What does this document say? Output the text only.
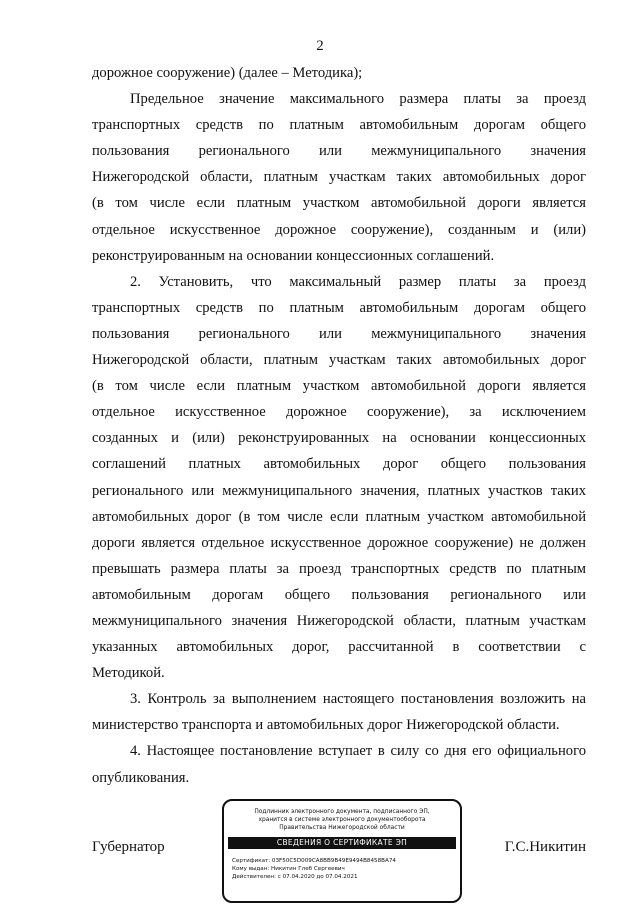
2
дорожное сооружение) (далее – Методика);
Предельное значение максимального размера платы за проезд
транспортных средств по платным автомобильным дорогам общего
пользования регионального или межмуниципального значения
Нижегородской области, платным участкам таких автомобильных дорог
(в том числе если платным участком автомобильной дороги является
отдельное искусственное дорожное сооружение), созданным и (или)
реконструированным на основании концессионных соглашений.
2. Установить, что максимальный размер платы за проезд
транспортных средств по платным автомобильным дорогам общего
пользования регионального или межмуниципального значения
Нижегородской области, платным участкам таких автомобильных дорог
(в том числе если платным участком автомобильной дороги является
отдельное искусственное дорожное сооружение), за исключением
созданных и (или) реконструированных на основании концессионных
соглашений платных автомобильных дорог общего пользования
регионального или межмуниципального значения, платных участков таких
автомобильных дорог (в том числе если платным участком автомобильной
дороги является отдельное искусственное дорожное сооружение) не должен
превышать размера платы за проезд транспортных средств по платным
автомобильным дорогам общего пользования регионального или
межмуниципального значения Нижегородской области, платным участкам
указанных автомобильных дорог, рассчитанной в соответствии с
Методикой.
3. Контроль за выполнением настоящего постановления возложить на
министерство транспорта и автомобильных дорог Нижегородской области.
4. Настоящее постановление вступает в силу со дня его официального
опубликования.
Губернатор	Г.С.Никитин
Подлинник электронного документа, подписанного ЭП,
хранится в системе электронного документооборота
Правительства Нижегородской области
СВЕДЕНИЯ О СЕРТИФИКАТЕ ЭП
Сертификат: 03F50C5D009CA8BB9B49E9494B8458BA74
Кому выдан: Никитин Глеб Сергеевич
Действителен: с 07.04.2020 до 07.04.2021
